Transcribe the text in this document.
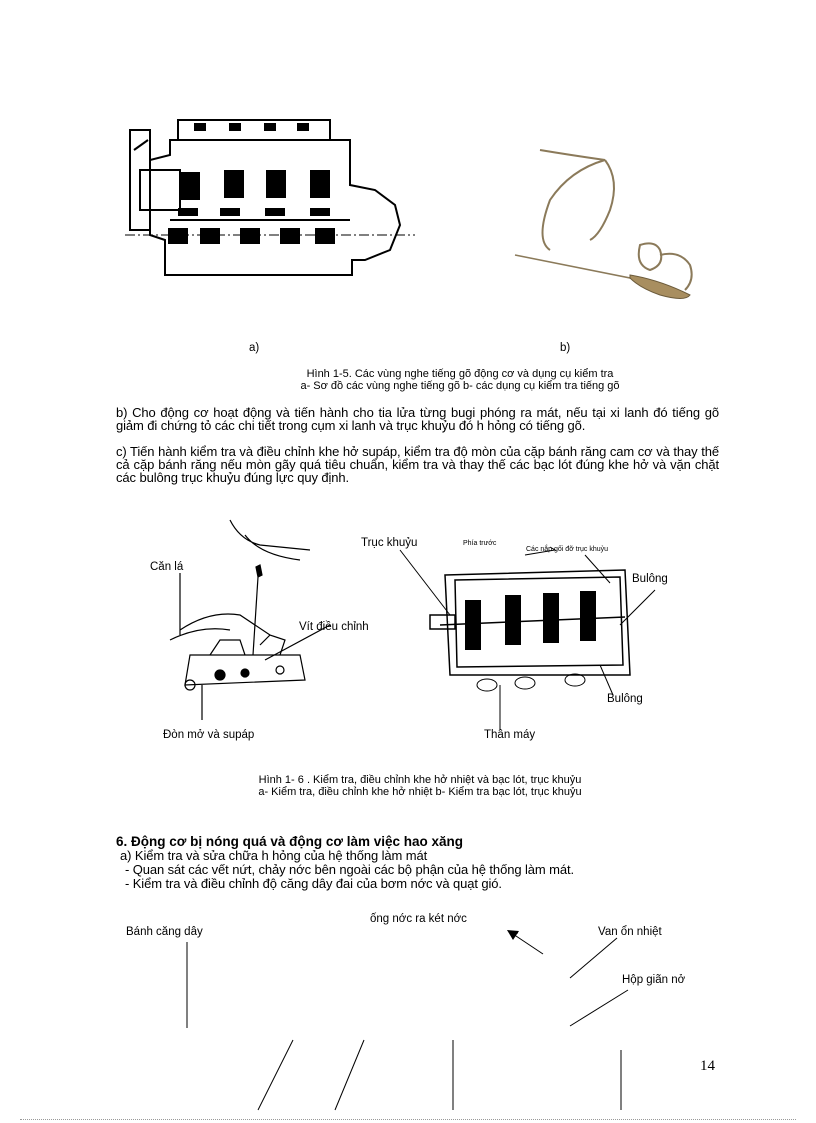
a)	b)
Hình 1-5. Các vùng nghe tiếng gõ động cơ và dụng cụ kiểm tra
a- Sơ đồ các vùng nghe tiếng gõ b- các dụng cụ kiểm tra tiếng gõ
b) Cho động cơ hoạt động và tiến hành cho tia lửa từng bugi phóng ra mát, nếu tại xi lanh đó tiếng gõ giảm đi chứng tỏ các chi tiết trong cụm xi lanh và trục khuỷu đó h hỏng có tiếng gõ.
c) Tiến hành kiểm tra và điều chỉnh khe hở supáp, kiểm tra độ mòn của cặp bánh răng cam cơ và thay thế cả cặp bánh răng nếu mòn gãy quá tiêu chuẩn, kiểm tra và thay thế các bạc lót đúng khe hở và vặn chặt các bulông trục khuỷu đúng lực quy định.
Căn lá
Vít điều chỉnh
Đòn mở và supáp
Trục khuỷu	Phía trước
Các nắp gối đỡ trục khuỷu
Bulông
Bulông
Thân máy
Hình 1- 6 . Kiểm tra, điều chỉnh khe hở nhiệt và bạc lót, trục khuỷu
a- Kiểm tra, điều chỉnh khe hở nhiệt b- Kiểm tra bạc lót, trục khuỷu
6. Động cơ bị nóng quá và động cơ làm việc hao xăng
a) Kiểm tra và sửa chữa h hỏng của hệ thống làm mát
- Quan sát các vết nứt, chảy nớc bên ngoài các bộ phận của hệ thống làm mát.
- Kiểm tra và điều chỉnh độ căng dây đai của bơm nớc và quạt gió.
ống nớc ra két nớc
Bánh căng dây	Van ổn nhiệt
Hộp giãn nở
14
